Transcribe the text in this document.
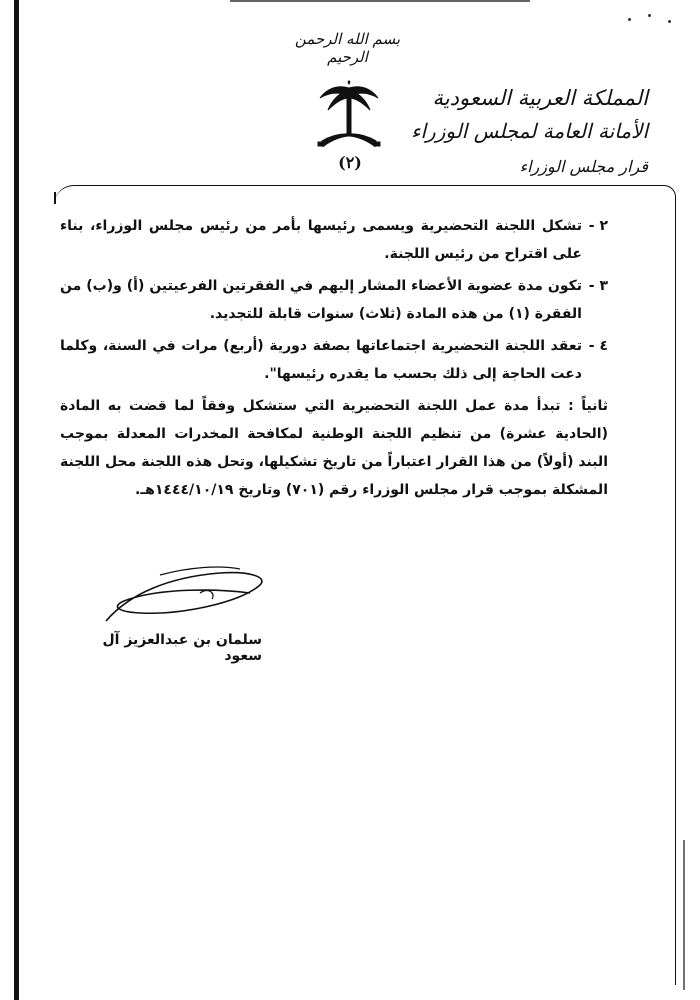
بسم الله الرحمن الرحيم
(٢)
المملكة العربية السعودية
الأمانة العامة لمجلس الوزراء
قرار مجلس الوزراء
٢ -
تشكل اللجنة التحضيرية ويسمى رئيسها بأمر من رئيس مجلس الوزراء، بناء على اقتراح من رئيس اللجنة.
٣ -
تكون مدة عضوية الأعضاء المشار إليهم في الفقرتين الفرعيتين (أ) و(ب) من الفقرة (١) من هذه المادة (ثلاث) سنوات قابلة للتجديد.
٤ -
تعقد اللجنة التحضيرية اجتماعاتها بصفة دورية (أربع) مرات في السنة، وكلما دعت الحاجة إلى ذلك بحسب ما يقدره رئيسها".
ثانياً : تبدأ مدة عمل اللجنة التحضيرية التي ستشكل وفقاً لما قضت به المادة (الحادية عشرة) من تنظيم اللجنة الوطنية لمكافحة المخدرات المعدلة بموجب البند (أولاً) من هذا القرار اعتباراً من تاريخ تشكيلها، وتحل هذه اللجنة محل اللجنة المشكلة بموجب قرار مجلس الوزراء رقم (٧٠١) وتاريخ ١٤٤٤/١٠/١٩هـ.
سلمان بن عبدالعزيز آل سعود
